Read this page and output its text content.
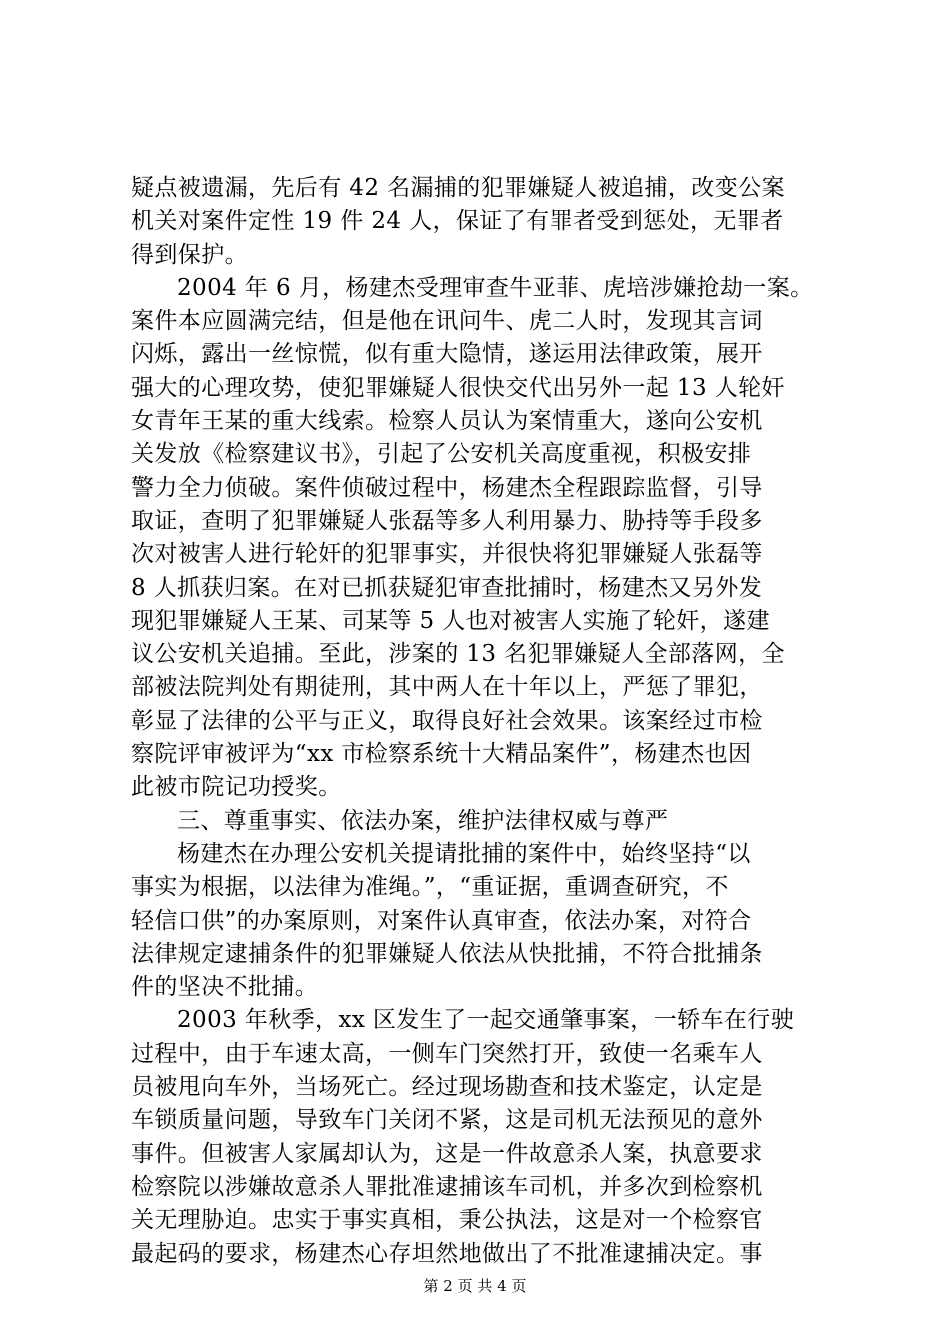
疑点被遗漏，先后有 42 名漏捕的犯罪嫌疑人被追捕，改变公案
机关对案件定性 19 件 24 人，保证了有罪者受到惩处，无罪者
得到保护。
2004 年 6 月，杨建杰受理审查牛亚菲、虎培涉嫌抢劫一案。
案件本应圆满完结，但是他在讯问牛、虎二人时，发现其言词
闪烁，露出一丝惊慌，似有重大隐情，遂运用法律政策，展开
强大的心理攻势，使犯罪嫌疑人很快交代出另外一起 13 人轮奸
女青年王某的重大线索。检察人员认为案情重大，遂向公安机
关发放《检察建议书》，引起了公安机关高度重视，积极安排
警力全力侦破。案件侦破过程中，杨建杰全程跟踪监督，引导
取证，查明了犯罪嫌疑人张磊等多人利用暴力、胁持等手段多
次对被害人进行轮奸的犯罪事实，并很快将犯罪嫌疑人张磊等
8 人抓获归案。在对已抓获疑犯审查批捕时，杨建杰又另外发
现犯罪嫌疑人王某、司某等 5 人也对被害人实施了轮奸，遂建
议公安机关追捕。至此，涉案的 13 名犯罪嫌疑人全部落网，全
部被法院判处有期徒刑，其中两人在十年以上，严惩了罪犯，
彰显了法律的公平与正义，取得良好社会效果。该案经过市检
察院评审被评为“xx 市检察系统十大精品案件”，杨建杰也因
此被市院记功授奖。
三、尊重事实、依法办案，维护法律权威与尊严
杨建杰在办理公安机关提请批捕的案件中，始终坚持“以
事实为根据，以法律为准绳。”，“重证据，重调查研究，不
轻信口供”的办案原则，对案件认真审查，依法办案，对符合
法律规定逮捕条件的犯罪嫌疑人依法从快批捕，不符合批捕条
件的坚决不批捕。
2003 年秋季，xx 区发生了一起交通肇事案，一轿车在行驶
过程中，由于车速太高，一侧车门突然打开，致使一名乘车人
员被甩向车外，当场死亡。经过现场勘查和技术鉴定，认定是
车锁质量问题，导致车门关闭不紧，这是司机无法预见的意外
事件。但被害人家属却认为，这是一件故意杀人案，执意要求
检察院以涉嫌故意杀人罪批准逮捕该车司机，并多次到检察机
关无理胁迫。忠实于事实真相，秉公执法，这是对一个检察官
最起码的要求，杨建杰心存坦然地做出了不批准逮捕决定。事
第 2 页 共 4 页
